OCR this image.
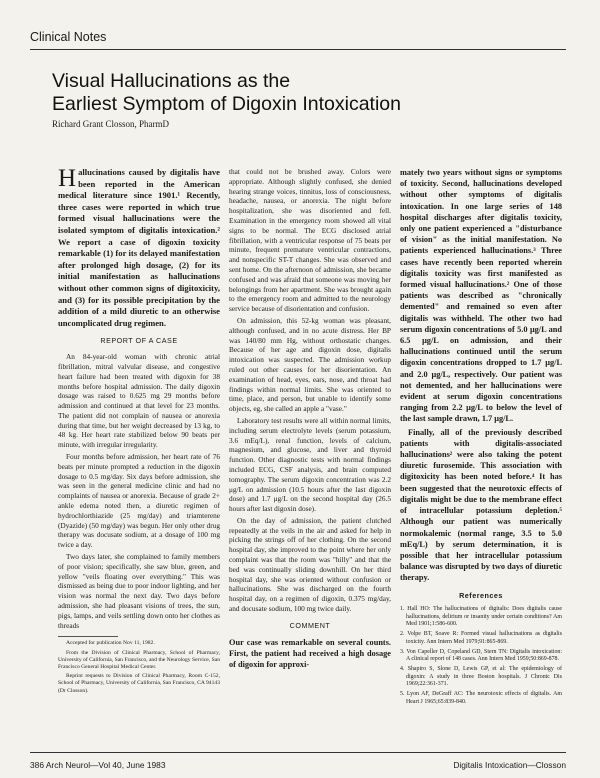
Clinical Notes
Visual Hallucinations as the
Earliest Symptom of Digoxin Intoxication
Richard Grant Closson, PharmD

Hallucinations caused by digitalis have been reported in the American medical literature since 1901.¹ Recently, three cases were reported in which true formed visual hallucinations were the isolated symptom of digitalis intoxication.² We report a case of digoxin toxicity remarkable (1) for its delayed manifestation after prolonged high dosage, (2) for its initial manifestation as hallucinations without other common signs of digitoxicity, and (3) for its possible precipitation by the addition of a mild diuretic to an otherwise uncomplicated drug regimen.

REPORT OF A CASE

An 84-year-old woman with chronic atrial fibrillation, mitral valvular disease, and congestive heart failure had been treated with digoxin for 38 months before hospital admission. The daily digoxin dosage was raised to 0.625 mg 29 months before admission and continued at that level for 23 months. The patient did not complain of nausea or anorexia during that time, but her weight decreased by 13 kg, to 48 kg. Her heart rate stabilized below 90 beats per minute, with irregular irregularity.

Four months before admission, her heart rate of 76 beats per minute prompted a reduction in the digoxin dosage to 0.5 mg/day. Six days before admission, she was seen in the general medicine clinic and had no complaints of nausea or anorexia. Because of grade 2+ ankle edema noted then, a diuretic regimen of hydrochlorthiazide (25 mg/day) and triamterene (Dyazide) (50 mg/day) was begun. Her only other drug therapy was docusate sodium, at a dosage of 100 mg twice a day.

Two days later, she complained to family members of poor vision; specifically, she saw blue, green, and yellow "veils floating over everything." This was dismissed as being due to poor indoor lighting, and her vision was normal the next day. Two days before admission, she had pleasant visions of trees, the sun, pigs, lamps, and veils settling down onto her clothes as threads

Accepted for publication Nov 11, 1982.

From the Division of Clinical Pharmacy, School of Pharmacy, University of California, San Francisco, and the Neurology Service, San Francisco General Hospital Medical Center.

Reprint requests to Division of Clinical Pharmacy, Room C-152, School of Pharmacy, University of California, San Francisco, CA 94143 (Dr Closson).

that could not be brushed away. Colors were appropriate. Although slightly confused, she denied hearing strange voices, tinnitus, loss of consciousness, headache, nausea, or anorexia. The night before hospitalization, she was disoriented and fell. Examination in the emergency room showed all vital signs to be normal. The ECG disclosed atrial fibrillation, with a ventricular response of 75 beats per minute, frequent premature ventricular contractions, and nonspecific ST-T changes. She was observed and sent home. On the afternoon of admission, she became confused and was afraid that someone was moving her belongings from her apartment. She was brought again to the emergency room and admitted to the neurology service because of disorientation and confusion.

On admission, this 52-kg woman was pleasant, although confused, and in no acute distress. Her BP was 140/80 mm Hg, without orthostatic changes. Because of her age and digoxin dose, digitalis intoxication was suspected. The admission workup ruled out other causes for her disorientation. An examination of head, eyes, ears, nose, and throat had findings within normal limits. She was oriented to time, place, and person, but unable to identify some objects, eg, she called an apple a "vase."

Laboratory test results were all within normal limits, including serum electrolyte levels (serum potassium, 3.6 mEq/L), renal function, levels of calcium, magnesium, and glucose, and liver and thyroid function. Other diagnostic tests with normal findings included ECG, CSF analysis, and brain computed tomography. The serum digoxin concentration was 2.2 μg/L on admission (10.5 hours after the last digoxin dose) and 1.7 μg/L on the second hospital day (26.5 hours after last digoxin dose).

On the day of admission, the patient clutched repeatedly at the veils in the air and asked for help in picking the strings off of her clothing. On the second hospital day, she improved to the point where her only complaint was that the room was "hilly" and that the bed was continually sliding downhill. On her third hospital day, she was oriented without confusion or hallucinations. She was discharged on the fourth hospital day, on a regimen of digoxin, 0.375 mg/day, and docusate sodium, 100 mg twice daily.

COMMENT

Our case was remarkable on several counts. First, the patient had received a high dosage of digoxin for approxi-

mately two years without signs or symptoms of toxicity. Second, hallucinations developed without other symptoms of digitalis intoxication. In one large series of 148 hospital discharges after digitalis toxicity, only one patient experienced a "disturbance of vision" as the initial manifestation. No patients experienced hallucinations.³ Three cases have recently been reported wherein digitalis toxicity was first manifested as formed visual hallucinations.² One of those patients was described as "chronically demented" and remained so even after digitalis was withheld. The other two had serum digoxin concentrations of 5.0 μg/L and 6.5 μg/L on admission, and their hallucinations continued until the serum digoxin concentrations dropped to 1.7 μg/L and 2.0 μg/L, respectively. Our patient was not demented, and her hallucinations were evident at serum digoxin concentrations ranging from 2.2 μg/L to below the level of the last sample drawn, 1.7 μg/L.

Finally, all of the previously described patients with digitalis-associated hallucinations² were also taking the potent diuretic furosemide. This association with digitoxicity has been noted before.⁴ It has been suggested that the neurotoxic effects of digitalis might be due to the membrane effect of intracellular potassium depletion.⁵ Although our patient was numerically normokalemic (normal range, 3.5 to 5.0 mEq/L) by serum determination, it is possible that her intracellular potassium balance was disrupted by two days of diuretic therapy.

References

1. Hall HO: The hallucinations of digitalis: Does digitalis cause hallucinations, delirium or insanity under certain conditions? Am Med 1901;1:586-600.

2. Volpe BT, Soave R: Formed visual hallucinations as digitalis toxicity. Ann Intern Med 1979;91:865-869.

3. Von Capeller D, Copeland GD, Stern TN: Digitalis intoxication: A clinical report of 148 cases. Ann Intern Med 1959;50:869-878.

4. Shapiro S, Slone D, Lewis GP, et al: The epidemiology of digoxin: A study in three Boston hospitals. J Chronic Dis 1969;22:361-371.

5. Lyon AF, DeGraff AC: The neurotoxic effects of digitalis. Am Heart J 1965;65:839-840.

386 Arch Neurol—Vol 40, June 1983	Digitalis Intoxication—Closson
